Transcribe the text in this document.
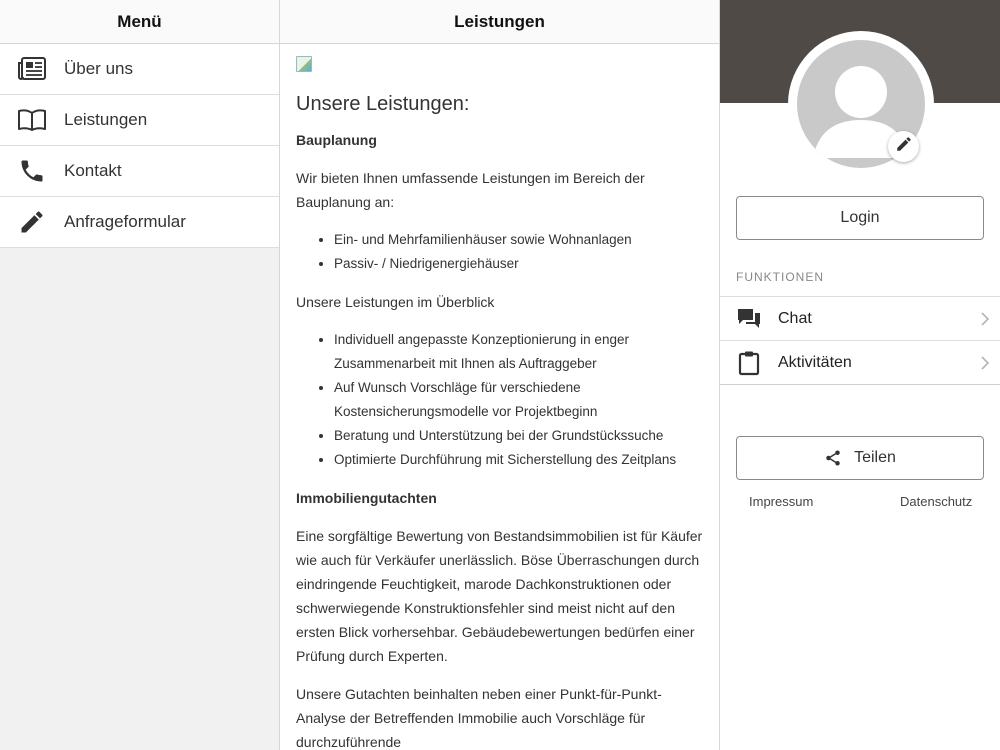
Menü
Über uns
Leistungen
Kontakt
Anfrageformular
Leistungen
Unsere Leistungen:
Bauplanung

Wir bieten Ihnen umfassende Leistungen im Bereich der Bauplanung an:

• Ein- und Mehrfamilienhäuser sowie Wohnanlagen
• Passiv- / Niedrigenergiehäuser

Unsere Leistungen im Überblick

• Individuell angepasste Konzeptionierung in enger Zusammenarbeit mit Ihnen als Auftraggeber
• Auf Wunsch Vorschläge für verschiedene Kostensicherungsmodelle vor Projektbeginn
• Beratung und Unterstützung bei der Grundstückssuche
• Optimierte Durchführung mit Sicherstellung des Zeitplans
Immobiliengutachten

Eine sorgfältige Bewertung von Bestandsimmobilien ist für Käufer wie auch für Verkäufer unerlässlich. Böse Überraschungen durch eindringende Feuchtigkeit, marode Dachkonstruktionen oder schwerwiegende Konstruktionsfehler sind meist nicht auf den ersten Blick vorhersehbar. Gebäudebewertungen bedürfen einer Prüfung durch Experten.

Unsere Gutachten beinhalten neben einer Punkt-für-Punkt-Analyse der Betreffenden Immobilie auch Vorschläge für durchzuführende

Login
FUNKTIONEN
Chat
Aktivitäten
Teilen
Impressum	Datenschutz
